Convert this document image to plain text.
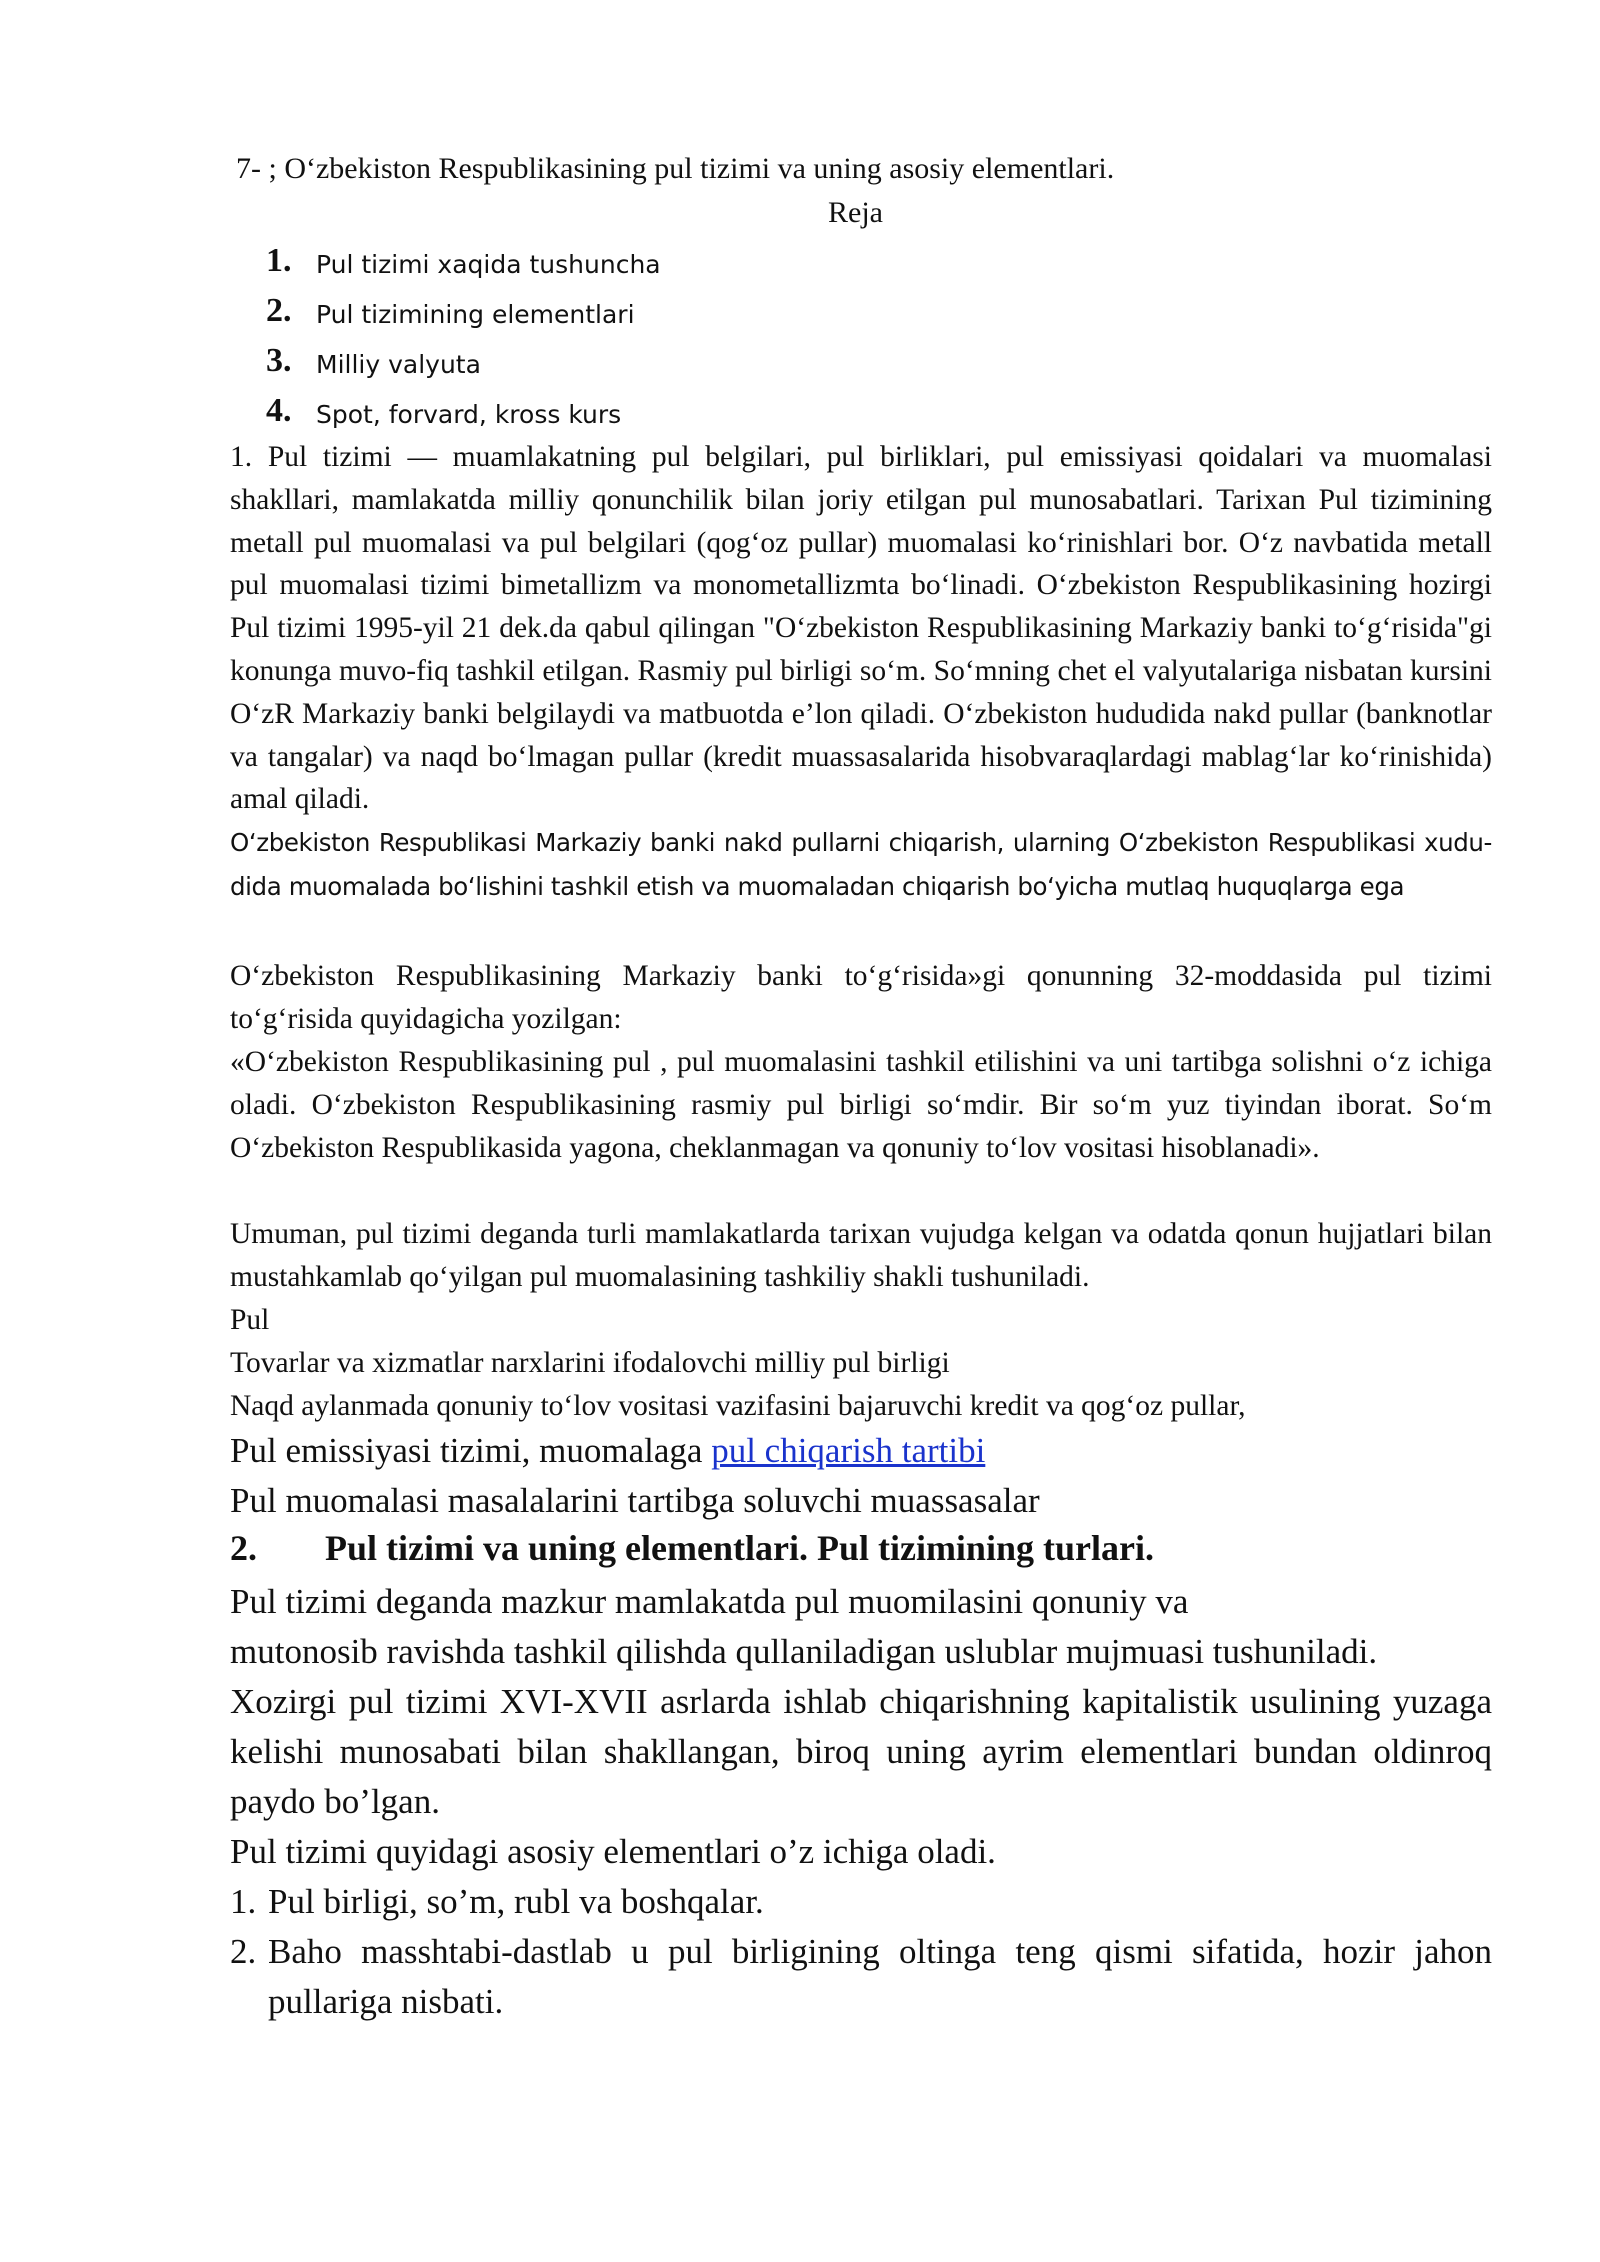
7- ; O‘zbekiston Respublikasining pul tizimi va uning asosiy elementlari.

Reja

1. Pul tizimi xaqida tushuncha
2. Pul tizimining elementlari
3. Milliy valyuta
4. Spot, forvard, kross kurs

1. Pul tizimi — muamlakatning pul belgilari, pul birliklari, pul emissiyasi qoidalari va muomalasi shakllari, mamlakatda milliy qonunchilik bilan joriy etilgan pul munosabatlari. Tarixan Pul tizimining metall pul muomalasi va pul belgilari (qog‘oz pullar) muomalasi ko‘rinishlari bor. O‘z navbatida metall pul muomalasi tizimi bimetallizm va monometallizmta bo‘linadi. O‘zbekiston Respublikasining hozirgi Pul tizimi 1995-yil 21 dek.da qabul qilingan "O‘zbekiston Respublikasining Markaziy banki to‘g‘risida"gi konunga muvo-fiq tashkil etilgan. Rasmiy pul birligi so‘m. So‘mning chet el valyutalariga nisbatan kursini O‘zR Markaziy banki belgilaydi va matbuotda e’lon qiladi. O‘zbekiston hududida nakd pullar (banknotlar va tangalar) va naqd bo‘lmagan pullar (kredit muassasalarida hisobvaraqlardagi mablag‘lar ko‘rinishida) amal qiladi.

O‘zbekiston Respublikasi Markaziy banki nakd pullarni chiqarish, ularning O‘zbekiston Respublikasi xudu-dida muomalada bo‘lishini tashkil etish va muomaladan chiqarish bo‘yicha mutlaq huquqlarga ega

O‘zbekiston Respublikasining Markaziy banki to‘g‘risida»gi qonunning 32-moddasida pul tizimi to‘g‘risida quyidagicha yozilgan:

«O‘zbekiston Respublikasining pul , pul muomalasini tashkil etilishini va uni tartibga solishni o‘z ichiga oladi. O‘zbekiston Respublikasining rasmiy pul birligi so‘mdir. Bir so‘m yuz tiyindan iborat. So‘m O‘zbekiston Respublikasida yagona, cheklanmagan va qonuniy to‘lov vositasi hisoblanadi».

Umuman, pul tizimi deganda turli mamlakatlarda tarixan vujudga kelgan va odatda qonun hujjatlari bilan mustahkamlab qo‘yilgan pul muomalasining tashkiliy shakli tushuniladi.

Pul

Tovarlar va xizmatlar narxlarini ifodalovchi milliy pul birligi

Naqd aylanmada qonuniy to‘lov vositasi vazifasini bajaruvchi kredit va qog‘oz pullar,

Pul emissiyasi tizimi, muomalaga pul chiqarish tartibi

Pul muomalasi masalalarini tartibga soluvchi muassasalar

2. Pul tizimi va uning elementlari. Pul tizimining turlari.

Pul tizimi deganda mazkur mamlakatda pul muomilasini qonuniy va

mutonosib ravishda tashkil qilishda qullaniladigan uslublar mujmuasi tushuniladi.

Xozirgi pul tizimi XVI-XVII asrlarda ishlab chiqarishning kapitalistik usulining yuzaga kelishi munosabati bilan shakllangan, biroq uning ayrim elementlari bundan oldinroq paydo bo’lgan.

Pul tizimi quyidagi asosiy elementlari o’z ichiga oladi.

1. Pul birligi, so’m, rubl va boshqalar.
2. Baho masshtabi-dastlab u pul birligining oltinga teng qismi sifatida, hozir jahon pullariga nisbati.
